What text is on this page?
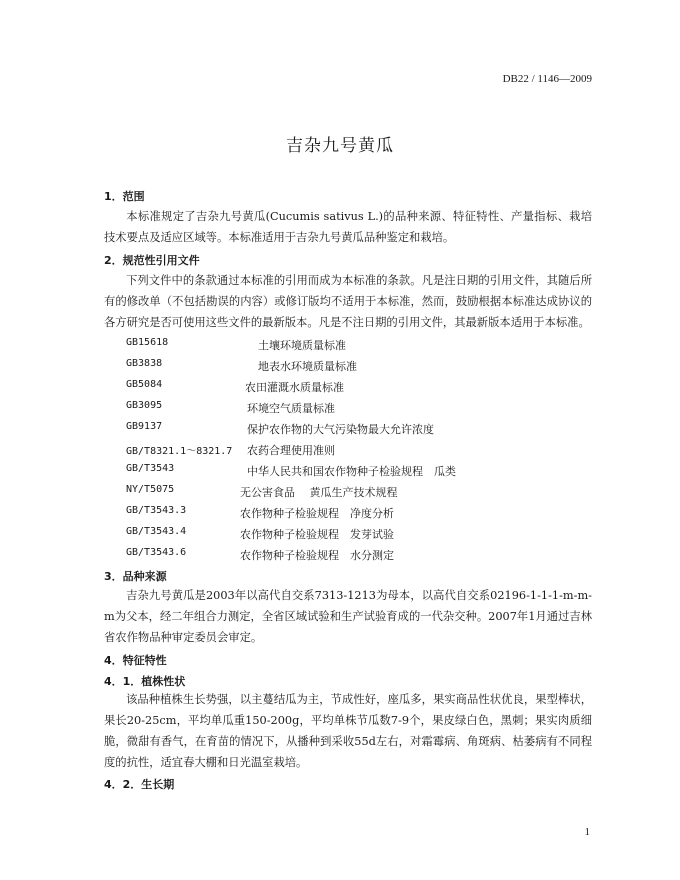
DB22 / 1146—2009
吉杂九号黄瓜
1．范围
本标准规定了吉杂九号黄瓜(Cucumis sativus L.)的品种来源、特征特性、产量指标、栽培技术要点及适应区域等。本标准适用于吉杂九号黄瓜品种鉴定和栽培。
2．规范性引用文件
下列文件中的条款通过本标准的引用而成为本标准的条款。凡是注日期的引用文件，其随后所有的修改单（不包括勘误的内容）或修订版均不适用于本标准，然而，鼓励根据本标准达成协议的各方研究是否可使用这些文件的最新版本。凡是不注日期的引用文件，其最新版本适用于本标准。
GB15618	土壤环境质量标准
GB3838	地表水环境质量标准
GB5084	农田灌溉水质量标准
GB3095	环境空气质量标准
GB9137	保护农作物的大气污染物最大允许浓度
GB/T8321.1～8321.7 农药合理使用准则
GB/T3543	中华人民共和国农作物种子检验规程　瓜类
NY/T5075	无公害食品　 黄瓜生产技术规程
GB/T3543.3	农作物种子检验规程　净度分析
GB/T3543.4	农作物种子检验规程　发芽试验
GB/T3543.6	农作物种子检验规程　水分测定
3．品种来源
吉杂九号黄瓜是2003年以高代自交系7313-1213为母本，以高代自交系02196-1-1-1-m-m-m为父本，经二年组合力测定，全省区域试验和生产试验育成的一代杂交种。2007年1月通过吉林省农作物品种审定委员会审定。
4．特征特性
4．1．植株性状
该品种植株生长势强，以主蔓结瓜为主，节成性好，座瓜多，果实商品性状优良，果型棒状，果长20-25cm，平均单瓜重150-200g，平均单株节瓜数7-9个，果皮绿白色，黑刺；果实肉质细脆，微甜有香气，在育苗的情况下，从播种到采收55d左右，对霜霉病、角斑病、枯萎病有不同程度的抗性，适宜春大棚和日光温室栽培。
4．2．生长期
1
